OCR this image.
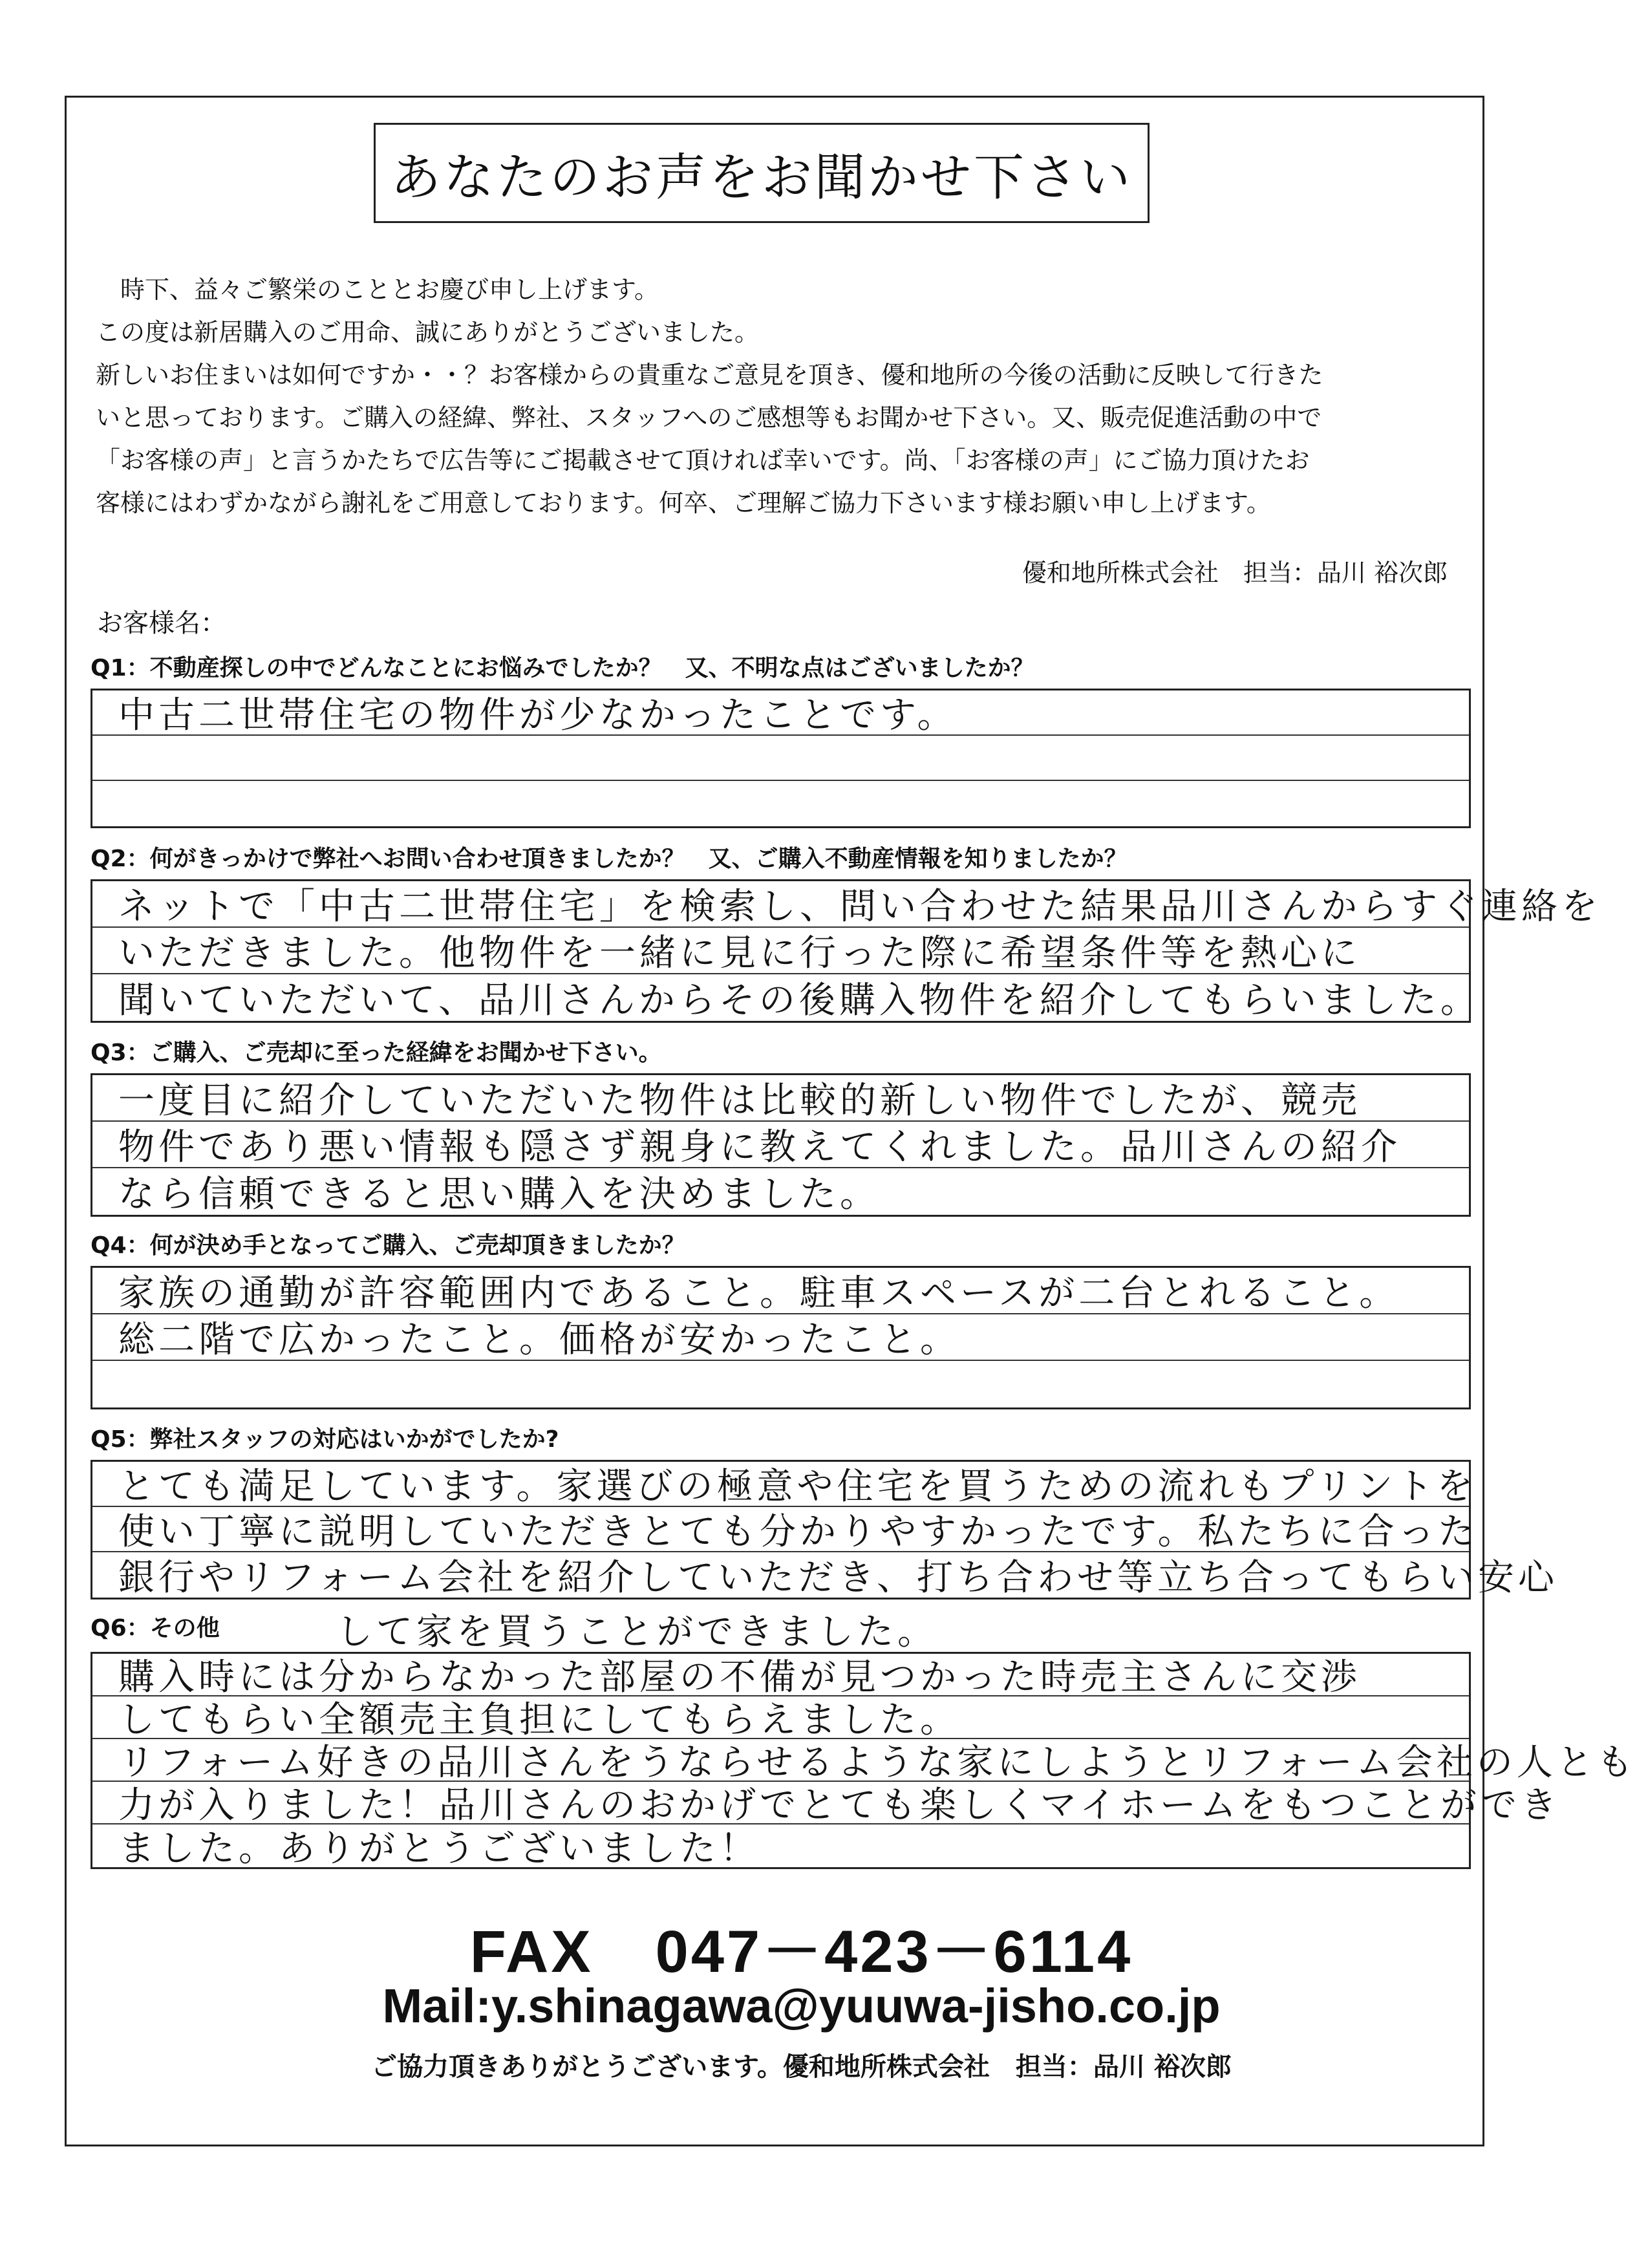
あなたのお声をお聞かせ下さい

時下、益々ご繁栄のこととお慶び申し上げます。

この度は新居購入のご用命、誠にありがとうございました。

新しいお住まいは如何ですか・・？お客様からの貴重なご意見を頂き、優和地所の今後の活動に反映して行きた

いと思っております。ご購入の経緯、弊社、スタッフへのご感想等もお聞かせ下さい。又、販売促進活動の中で

「お客様の声」と言うかたちで広告等にご掲載させて頂ければ幸いです。尚、「お客様の声」にご協力頂けたお

客様にはわずかながら謝礼をご用意しております。何卒、ご理解ご協力下さいます様お願い申し上げます。

優和地所株式会社　担当：品川 裕次郎
お客様名：
Q1：不動産探しの中でどんなことにお悩みでしたか？　又、不明な点はございましたか？
中古二世帯住宅の物件が少なかったことです。
Q2：何がきっかけで弊社へお問い合わせ頂きましたか？　又、ご購入不動産情報を知りましたか？
ネットで「中古二世帯住宅」を検索し、問い合わせた結果品川さんからすぐ連絡を
いただきました。他物件を一緒に見に行った際に希望条件等を熱心に
聞いていただいて、品川さんからその後購入物件を紹介してもらいました。
Q3：ご購入、ご売却に至った経緯をお聞かせ下さい。
一度目に紹介していただいた物件は比較的新しい物件でしたが、競売
物件であり悪い情報も隠さず親身に教えてくれました。品川さんの紹介
なら信頼できると思い購入を決めました。
Q4：何が決め手となってご購入、ご売却頂きましたか？
家族の通勤が許容範囲内であること。駐車スペースが二台とれること。
総二階で広かったこと。価格が安かったこと。
Q5：弊社スタッフの対応はいかがでしたか?
とても満足しています。家選びの極意や住宅を買うための流れもプリントを
使い丁寧に説明していただきとても分かりやすかったです。私たちに合った
銀行やリフォーム会社を紹介していただき、打ち合わせ等立ち合ってもらい安心
Q6：その他	して家を買うことができました。
購入時には分からなかった部屋の不備が見つかった時売主さんに交渉
してもらい全額売主負担にしてもらえました。
リフォーム好きの品川さんをうならせるような家にしようとリフォーム会社の人とも
力が入りました！品川さんのおかげでとても楽しくマイホームをもつことができ
ました。ありがとうございました！
FAX　047－423－6114
Mail:y.shinagawa@yuuwa-jisho.co.jp
ご協力頂きありがとうございます。優和地所株式会社　担当：品川 裕次郎
